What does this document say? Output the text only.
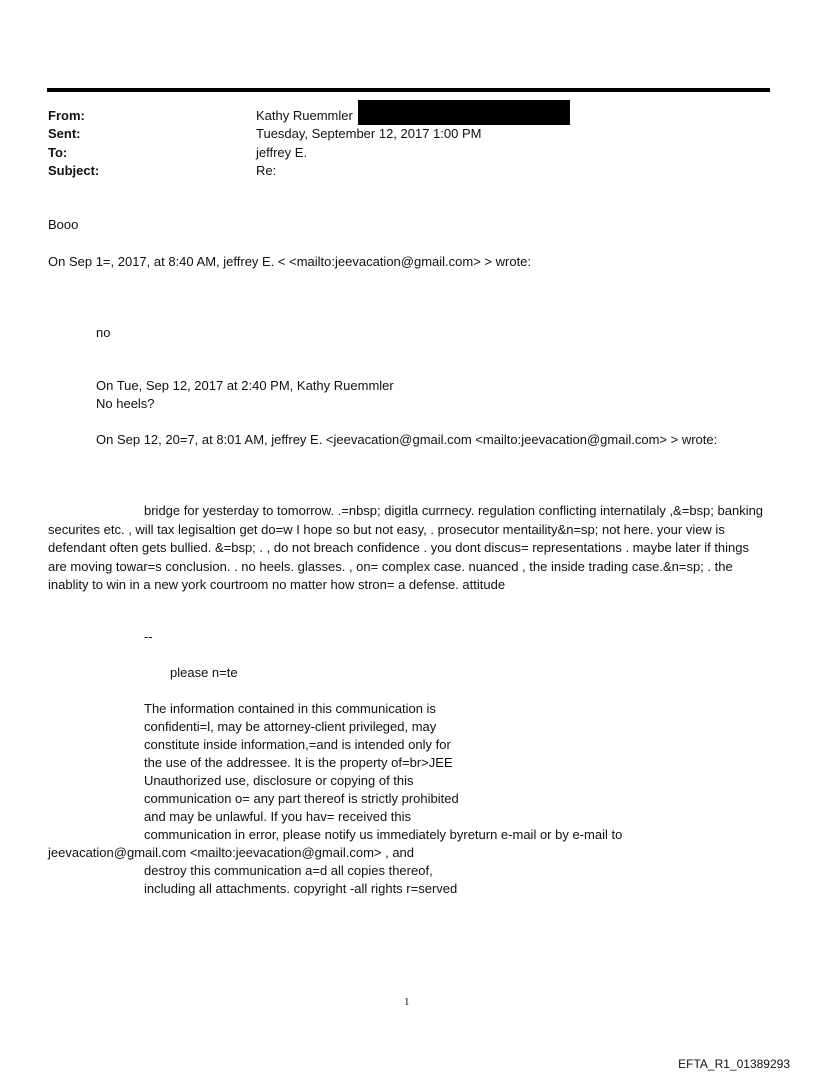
From:	Kathy Ruemmler
Sent:	Tuesday, September 12, 2017 1:00 PM
To:	jeffrey E.
Subject:	Re:
Booo
On Sep 1=, 2017, at 8:40 AM, jeffrey E. < <mailto:jeevacation@gmail.com> > wrote:
no
On Tue, Sep 12, 2017 at 2:40 PM, Kathy Ruemmler
No heels?
On Sep 12, 20=7, at 8:01 AM, jeffrey E. <jeevacation@gmail.com <mailto:jeevacation@gmail.com> > wrote:
bridge for yesterday to tomorrow. .=nbsp; digitla currnecy. regulation conflicting internatilaly ,&=bsp; banking securites etc. , will tax legisaltion get do=w I hope so but not easy, . prosecutor mentaility&n=sp; not here. your view is defendant often gets bullied. &=bsp; . , do not breach confidence . you dont discus= representations . maybe later if things are moving towar=s conclusion. . no heels. glasses. , on= complex case. nuanced , the inside trading case.&n=sp; . the inablity to win in a new york courtroom no matter how stron= a defense. attitude
--
please n=te
The information contained in this communication is
confidenti=l, may be attorney-client privileged, may
constitute inside information,=and is intended only for
the use of the addressee. It is the property of=br>JEE
Unauthorized use, disclosure or copying of this
communication o= any part thereof is strictly prohibited
and may be unlawful. If you hav= received this
communication in error, please notify us immediately byreturn e-mail or by e-mail to
jeevacation@gmail.com <mailto:jeevacation@gmail.com> , and
destroy this communication a=d all copies thereof,
including all attachments. copyright -all rights r=served
1
EFTA_R1_01389293
